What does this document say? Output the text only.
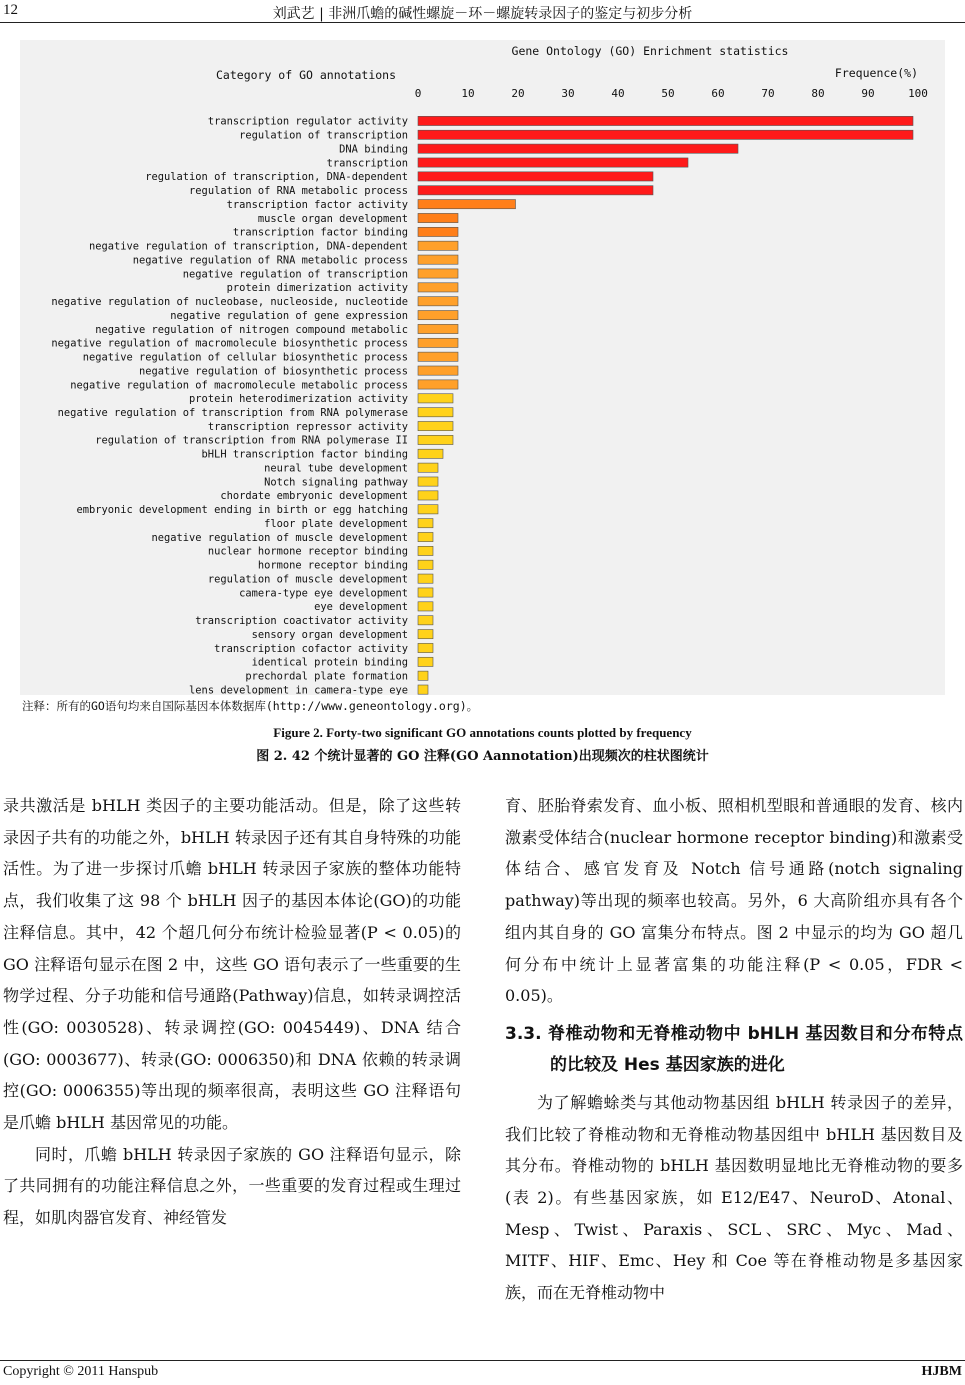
12	刘武艺 | 非洲爪蟾的碱性螺旋－环－螺旋转录因子的鉴定与初步分析
Gene Ontology (GO) Enrichment statistics
Category of GO annotations	Frequence(%)
0	10	20	30	40	50	60	70	80	90	100
transcription regulator activity
regulation of transcription
DNA binding
transcription
regulation of transcription, DNA-dependent
regulation of RNA metabolic process
transcription factor activity
muscle organ development
transcription factor binding
negative regulation of transcription, DNA-dependent
negative regulation of RNA metabolic process
negative regulation of transcription
protein dimerization activity
negative regulation of nucleobase, nucleoside, nucleotide
negative regulation of gene expression
negative regulation of nitrogen compound metabolic
negative regulation of macromolecule biosynthetic process
negative regulation of cellular biosynthetic process
negative regulation of biosynthetic process
negative regulation of macromolecule metabolic process
protein heterodimerization activity
negative regulation of transcription from RNA polymerase
transcription repressor activity
regulation of transcription from RNA polymerase II
bHLH transcription factor binding
neural tube development
Notch signaling pathway
chordate embryonic development
embryonic development ending in birth or egg hatching
floor plate development
negative regulation of muscle development
nuclear hormone receptor binding
hormone receptor binding
regulation of muscle development
camera-type eye development
eye development
transcription coactivator activity
sensory organ development
transcription cofactor activity
identical protein binding
prechordal plate formation
lens development in camera-type eye
注释：所有的GO语句均来自国际基因本体数据库(http://www.geneontology.org)。
Figure 2. Forty-two significant GO annotations counts plotted by frequency
图 2. 42 个统计显著的 GO 注释(GO Aannotation)出现频次的柱状图统计

录共激活是 bHLH 类因子的主要功能活动。但是，除了这些转录因子共有的功能之外，bHLH 转录因子还有其自身特殊的功能活性。为了进一步探讨爪蟾 bHLH 转录因子家族的整体功能特点，我们收集了这 98 个 bHLH 因子的基因本体论(GO)的功能注释信息。其中，42 个超几何分布统计检验显著(P < 0.05)的 GO 注释语句显示在图 2 中，这些 GO 语句表示了一些重要的生物学过程、分子功能和信号通路(Pathway)信息，如转录调控活性(GO: 0030528)、转录调控(GO: 0045449)、DNA 结合(GO: 0003677)、转录(GO: 0006350)和 DNA 依赖的转录调控(GO: 0006355)等出现的频率很高，表明这些 GO 注释语句是爪蟾 bHLH 基因常见的功能。

同时，爪蟾 bHLH 转录因子家族的 GO 注释语句显示，除了共同拥有的功能注释信息之外，一些重要的发育过程或生理过程，如肌肉器官发育、神经管发

育、胚胎脊索发育、血小板、照相机型眼和普通眼的发育、核内激素受体结合(nuclear hormone receptor binding)和激素受体结合、感官发育及 Notch 信号通路(notch signaling pathway)等出现的频率也较高。另外，6 大高阶组亦具有各个组内其自身的 GO 富集分布特点。图 2 中显示的均为 GO 超几何分布中统计上显著富集的功能注释(P < 0.05，FDR < 0.05)。

3.3. 脊椎动物和无脊椎动物中 bHLH 基因数目和分布特点的比较及 Hes 基因家族的进化

为了解蟾蜍类与其他动物基因组 bHLH 转录因子的差异，我们比较了脊椎动物和无脊椎动物基因组中 bHLH 基因数目及其分布。脊椎动物的 bHLH 基因数明显地比无脊椎动物的要多(表 2)。有些基因家族，如 E12/E47、NeuroD、Atonal、Mesp、Twist、Paraxis、SCL、SRC、Myc、Mad、MITF、HIF、Emc、Hey 和 Coe 等在脊椎动物是多基因家族，而在无脊椎动物中

Copyright © 2011 Hanspub	HJBM
